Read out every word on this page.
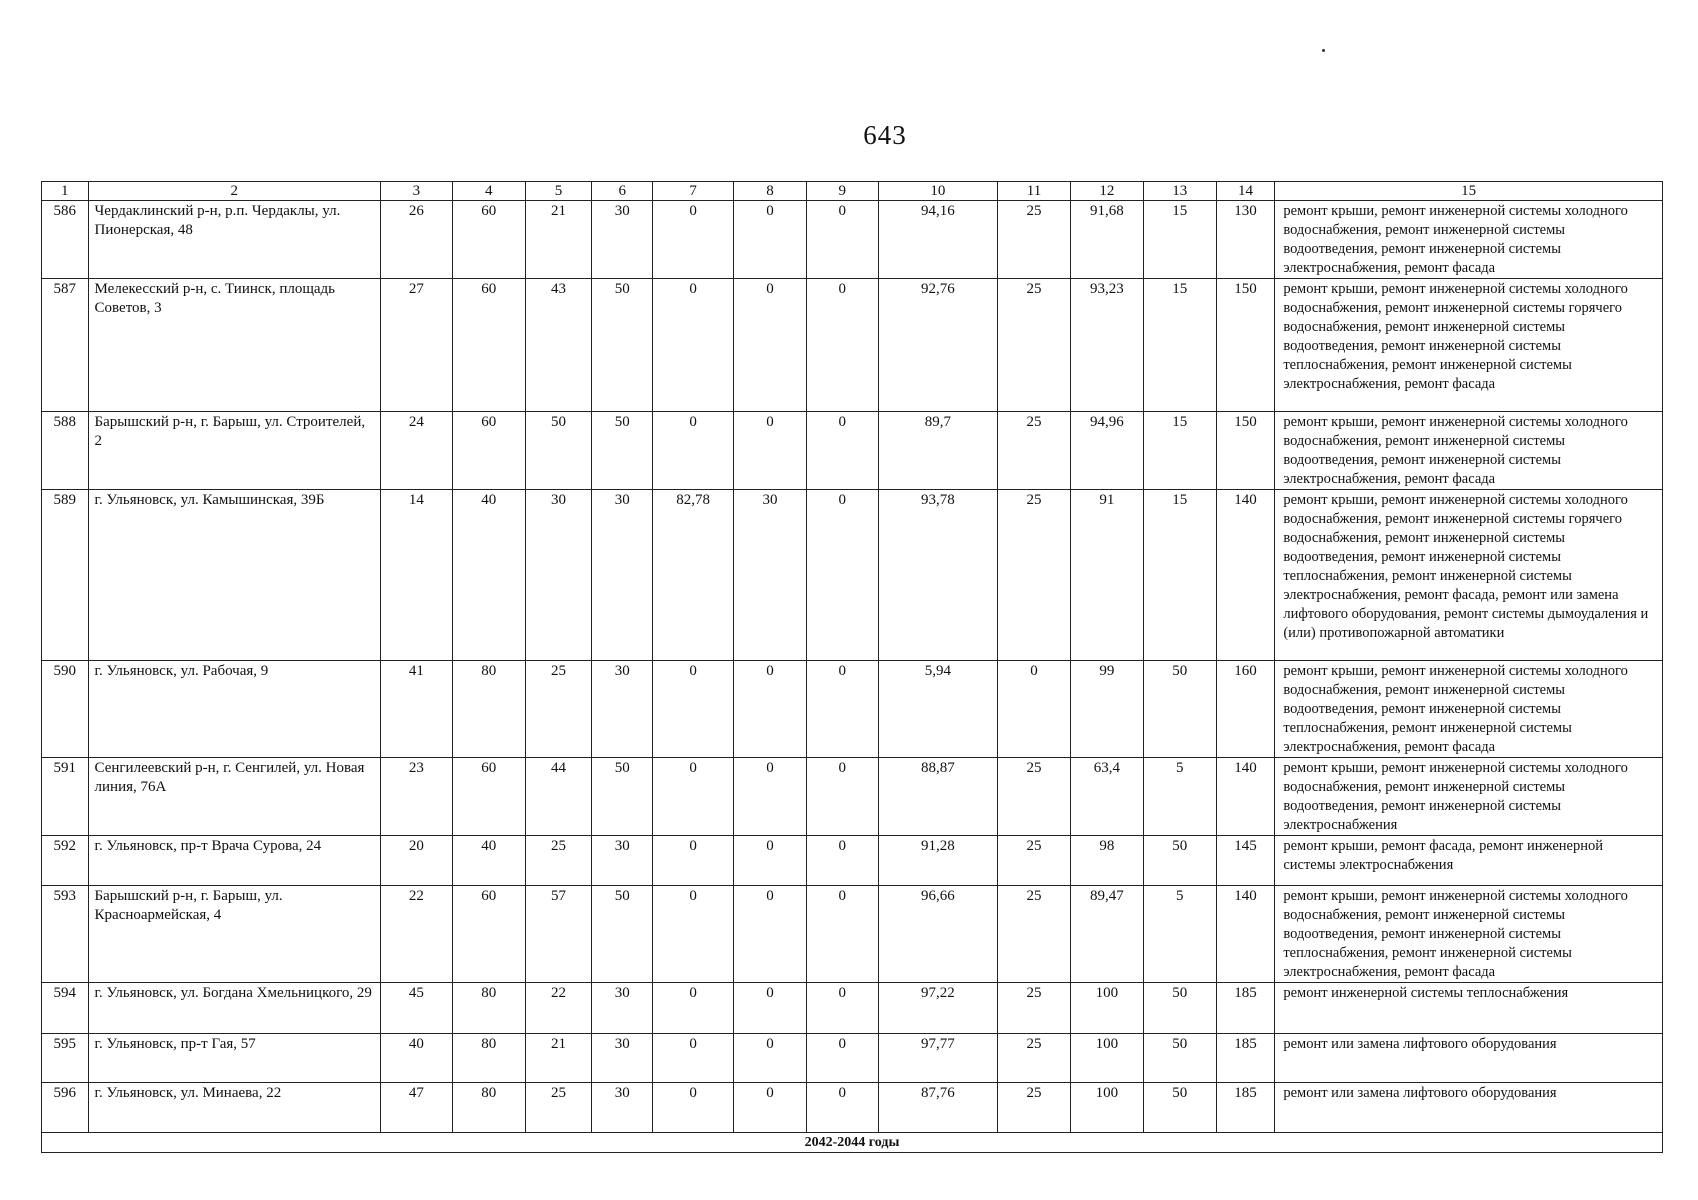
643
1	2	3	4	5	6	7	8	9	10	11	12	13	14	15
586	Чердаклинский р-н, р.п. Чердаклы, ул. Пионерская, 48	26	60	21	30	0	0	0	94,16	25	91,68	15	130	ремонт крыши, ремонт инженерной системы холодного водоснабжения, ремонт инженерной системы водоотведения, ремонт инженерной системы электроснабжения, ремонт фасада
587	Мелекесский р-н, с. Тиинск, площадь Советов, 3	27	60	43	50	0	0	0	92,76	25	93,23	15	150	ремонт крыши, ремонт инженерной системы холодного водоснабжения, ремонт инженерной системы горячего водоснабжения, ремонт инженерной системы водоотведения, ремонт инженерной системы теплоснабжения, ремонт инженерной системы электроснабжения, ремонт фасада
588	Барышский р-н, г. Барыш, ул. Строителей, 2	24	60	50	50	0	0	0	89,7	25	94,96	15	150	ремонт крыши, ремонт инженерной системы холодного водоснабжения, ремонт инженерной системы водоотведения, ремонт инженерной системы электроснабжения, ремонт фасада
589	г. Ульяновск, ул. Камышинская, 39Б	14	40	30	30	82,78	30	0	93,78	25	91	15	140	ремонт крыши, ремонт инженерной системы холодного водоснабжения, ремонт инженерной системы горячего водоснабжения, ремонт инженерной системы водоотведения, ремонт инженерной системы теплоснабжения, ремонт инженерной системы электроснабжения, ремонт фасада, ремонт или замена лифтового оборудования, ремонт системы дымоудаления и (или) противопожарной автоматики
590	г. Ульяновск, ул. Рабочая, 9	41	80	25	30	0	0	0	5,94	0	99	50	160	ремонт крыши, ремонт инженерной системы холодного водоснабжения, ремонт инженерной системы водоотведения, ремонт инженерной системы теплоснабжения, ремонт инженерной системы электроснабжения, ремонт фасада
591	Сенгилеевский р-н, г. Сенгилей, ул. Новая линия, 76А	23	60	44	50	0	0	0	88,87	25	63,4	5	140	ремонт крыши, ремонт инженерной системы холодного водоснабжения, ремонт инженерной системы водоотведения, ремонт инженерной системы электроснабжения
592	г. Ульяновск, пр-т Врача Сурова, 24	20	40	25	30	0	0	0	91,28	25	98	50	145	ремонт крыши, ремонт фасада, ремонт инженерной системы электроснабжения
593	Барышский р-н, г. Барыш, ул. Красноармейская, 4	22	60	57	50	0	0	0	96,66	25	89,47	5	140	ремонт крыши, ремонт инженерной системы холодного водоснабжения, ремонт инженерной системы водоотведения, ремонт инженерной системы теплоснабжения, ремонт инженерной системы электроснабжения, ремонт фасада
594	г. Ульяновск, ул. Богдана Хмельницкого, 29	45	80	22	30	0	0	0	97,22	25	100	50	185	ремонт инженерной системы теплоснабжения
595	г. Ульяновск, пр-т Гая, 57	40	80	21	30	0	0	0	97,77	25	100	50	185	ремонт или замена лифтового оборудования
596	г. Ульяновск, ул. Минаева, 22	47	80	25	30	0	0	0	87,76	25	100	50	185	ремонт или замена лифтового оборудования
2042-2044 годы														
